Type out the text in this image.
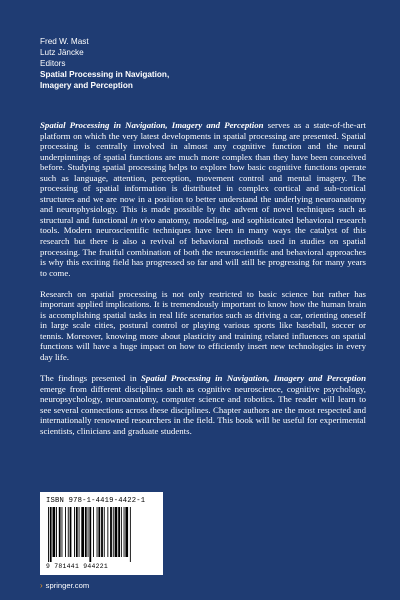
Fred W. Mast
Lutz Jäncke
Editors
Spatial Processing in Navigation,
Imagery and Perception

Spatial Processing in Navigation, Imagery and Perception serves as a state-of-the-art platform on which the very latest developments in spatial processing are presented. Spatial processing is centrally involved in almost any cognitive function and the neural underpinnings of spatial functions are much more complex than they have been conceived before. Studying spatial processing helps to explore how basic cognitive functions operate such as language, attention, perception, movement control and mental imagery. The processing of spatial information is distributed in complex cortical and sub-cortical structures and we are now in a position to better understand the underlying neuroanatomy and neurophysiology. This is made possible by the advent of novel techniques such as structural and functional in vivo anatomy, modeling, and sophisticated behavioral research tools. Modern neuroscientific techniques have been in many ways the catalyst of this research but there is also a revival of behavioral methods used in studies on spatial processing. The fruitful combination of both the neuroscientific and behavioral approaches is why this exciting field has progressed so far and will still be progressing for many years to come.

Research on spatial processing is not only restricted to basic science but rather has important applied implications. It is tremendously important to know how the human brain is accomplishing spatial tasks in real life scenarios such as driving a car, orienting oneself in large scale cities, postural control or playing various sports like baseball, soccer or tennis. Moreover, knowing more about plasticity and training related influences on spatial functions will have a huge impact on how to efficiently insert new technologies in every day life.

The findings presented in Spatial Processing in Navigation, Imagery and Perception emerge from different disciplines such as cognitive neuroscience, cognitive psychology, neuropsychology, neuroanatomy, computer science and robotics. The reader will learn to see several connections across these disciplines. Chapter authors are the most respected and internationally renowned researchers in the field. This book will be useful for experimental scientists, clinicians and graduate students.

ISBN 978-1-4419-4422-1
9 781441 944221
› springer.com
